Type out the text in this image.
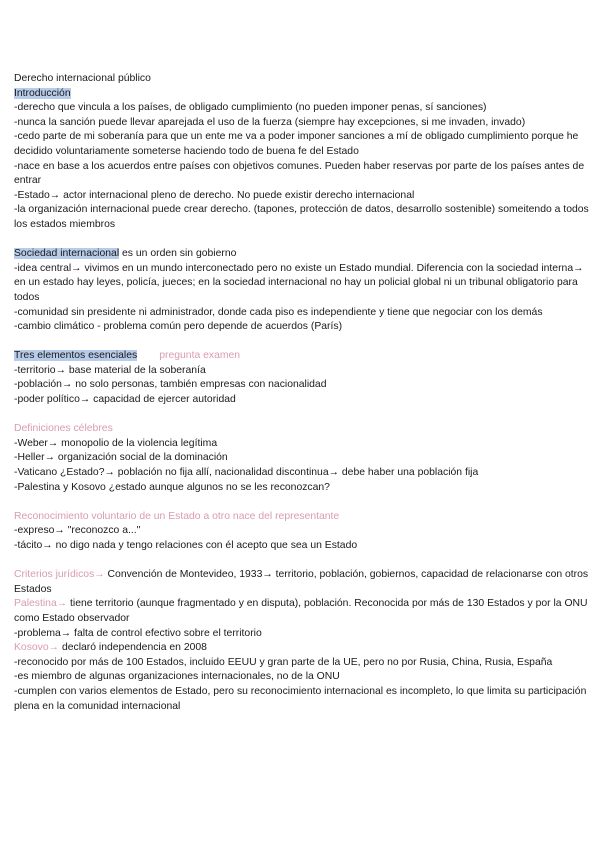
Derecho internacional público
Introducción
-derecho que vincula a los países, de obligado cumplimiento (no pueden imponer penas, sí sanciones)
-nunca la sanción puede llevar aparejada el uso de la fuerza (siempre hay excepciones, si me invaden, invado)
-cedo parte de mi soberanía para que un ente me va a poder imponer sanciones a mí de obligado cumplimiento porque he decidido voluntariamente someterse haciendo todo de buena fe del Estado
-nace en base a los acuerdos entre países con objetivos comunes. Pueden haber reservas por parte de los países antes de entrar
-Estado→ actor internacional pleno de derecho. No puede existir derecho internacional
-la organización internacional puede crear derecho. (tapones, protección de datos, desarrollo sostenible) someitendo a todos los estados miembros
Sociedad internacional es un orden sin gobierno
-idea central→ vivimos en un mundo interconectado pero no existe un Estado mundial. Diferencia con la sociedad interna→ en un estado hay leyes, policía, jueces; en la sociedad internacional no hay un policial global ni un tribunal obligatorio para todos
-comunidad sin presidente ni administrador, donde cada piso es independiente y tiene que negociar con los demás
-cambio climático - problema común pero depende de acuerdos (París)
Tres elementos esenciales pregunta examen
-territorio→ base material de la soberanía
-población→ no solo personas, también empresas con nacionalidad
-poder político→ capacidad de ejercer autoridad
Definiciones célebres
-Weber→ monopolio de la violencia legítima
-Heller→ organización social de la dominación
-Vaticano ¿Estado?→ población no fija allí, nacionalidad discontinua→ debe haber una población fija
-Palestina y Kosovo ¿estado aunque algunos no se les reconozcan?
Reconocimiento voluntario de un Estado a otro nace del representante
-expreso→ "reconozco a..."
-tácito→ no digo nada y tengo relaciones con él acepto que sea un Estado
Criterios jurídicos→ Convención de Montevideo, 1933→ territorio, población, gobiernos, capacidad de relacionarse con otros Estados
Palestina→ tiene territorio (aunque fragmentado y en disputa), población. Reconocida por más de 130 Estados y por la ONU como Estado observador
-problema→ falta de control efectivo sobre el territorio
Kosovo→ declaró independencia en 2008
-reconocido por más de 100 Estados, incluido EEUU y gran parte de la UE, pero no por Rusia, China, Rusia, España
-es miembro de algunas organizaciones internacionales, no de la ONU
-cumplen con varios elementos de Estado, pero su reconocimiento internacional es incompleto, lo que limita su participación plena en la comunidad internacional
